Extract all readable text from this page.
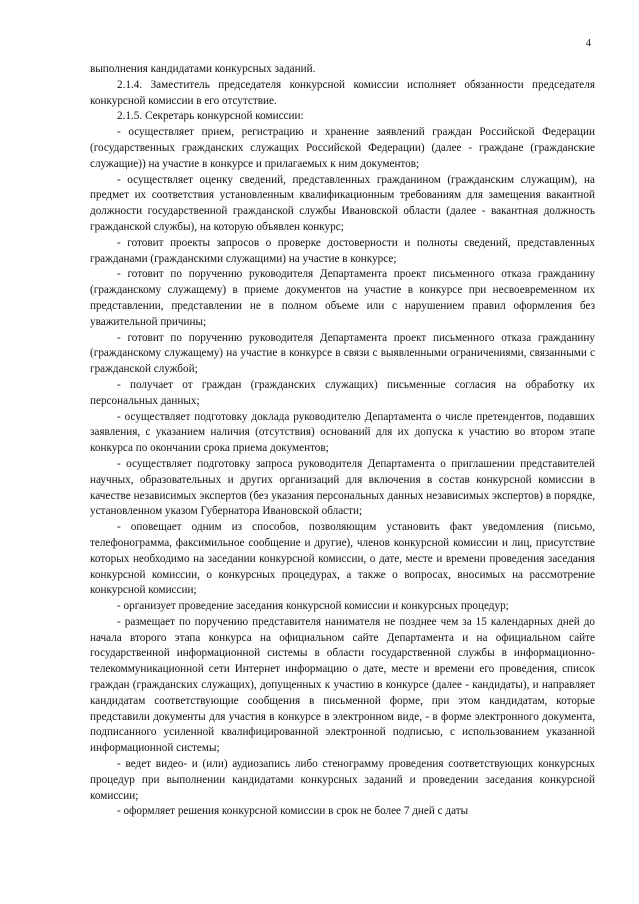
4

выполнения кандидатами конкурсных заданий.

2.1.4. Заместитель председателя конкурсной комиссии исполняет обязанности председателя конкурсной комиссии в его отсутствие.

2.1.5. Секретарь конкурсной комиссии:

- осуществляет прием, регистрацию и хранение заявлений граждан Российской Федерации (государственных гражданских служащих Российской Федерации) (далее - граждане (гражданские служащие)) на участие в конкурсе и прилагаемых к ним документов;

- осуществляет оценку сведений, представленных гражданином (гражданским служащим), на предмет их соответствия установленным квалификационным требованиям для замещения вакантной должности государственной гражданской службы Ивановской области (далее - вакантная должность гражданской службы), на которую объявлен конкурс;

- готовит проекты запросов о проверке достоверности и полноты сведений, представленных гражданами (гражданскими служащими) на участие в конкурсе;

- готовит по поручению руководителя Департамента проект письменного отказа гражданину (гражданскому служащему) в приеме документов на участие в конкурсе при несвоевременном их представлении, представлении не в полном объеме или с нарушением правил оформления без уважительной причины;

- готовит по поручению руководителя Департамента проект письменного отказа гражданину (гражданскому служащему) на участие в конкурсе в связи с выявленными ограничениями, связанными с гражданской службой;

- получает от граждан (гражданских служащих) письменные согласия на обработку их персональных данных;

- осуществляет подготовку доклада руководителю Департамента о числе претендентов, подавших заявления, с указанием наличия (отсутствия) оснований для их допуска к участию во втором этапе конкурса по окончании срока приема документов;

- осуществляет подготовку запроса руководителя Департамента о приглашении представителей научных, образовательных и других организаций для включения в состав конкурсной комиссии в качестве независимых экспертов (без указания персональных данных независимых экспертов) в порядке, установленном указом Губернатора Ивановской области;

- оповещает одним из способов, позволяющим установить факт уведомления (письмо, телефонограмма, факсимильное сообщение и другие), членов конкурсной комиссии и лиц, присутствие которых необходимо на заседании конкурсной комиссии, о дате, месте и времени проведения заседания конкурсной комиссии, о конкурсных процедурах, а также о вопросах, вносимых на рассмотрение конкурсной комиссии;

- организует проведение заседания конкурсной комиссии и конкурсных процедур;

- размещает по поручению представителя нанимателя не позднее чем за 15 календарных дней до начала второго этапа конкурса на официальном сайте Департамента и на официальном сайте государственной информационной системы в области государственной службы в информационно-телекоммуникационной сети Интернет информацию о дате, месте и времени его проведения, список граждан (гражданских служащих), допущенных к участию в конкурсе (далее - кандидаты), и направляет кандидатам соответствующие сообщения в письменной форме, при этом кандидатам, которые представили документы для участия в конкурсе в электронном виде, - в форме электронного документа, подписанного усиленной квалифицированной электронной подписью, с использованием указанной информационной системы;

- ведет видео- и (или) аудиозапись либо стенограмму проведения соответствующих конкурсных процедур при выполнении кандидатами конкурсных заданий и проведении заседания конкурсной комиссии;

- оформляет решения конкурсной комиссии в срок не более 7 дней с даты
